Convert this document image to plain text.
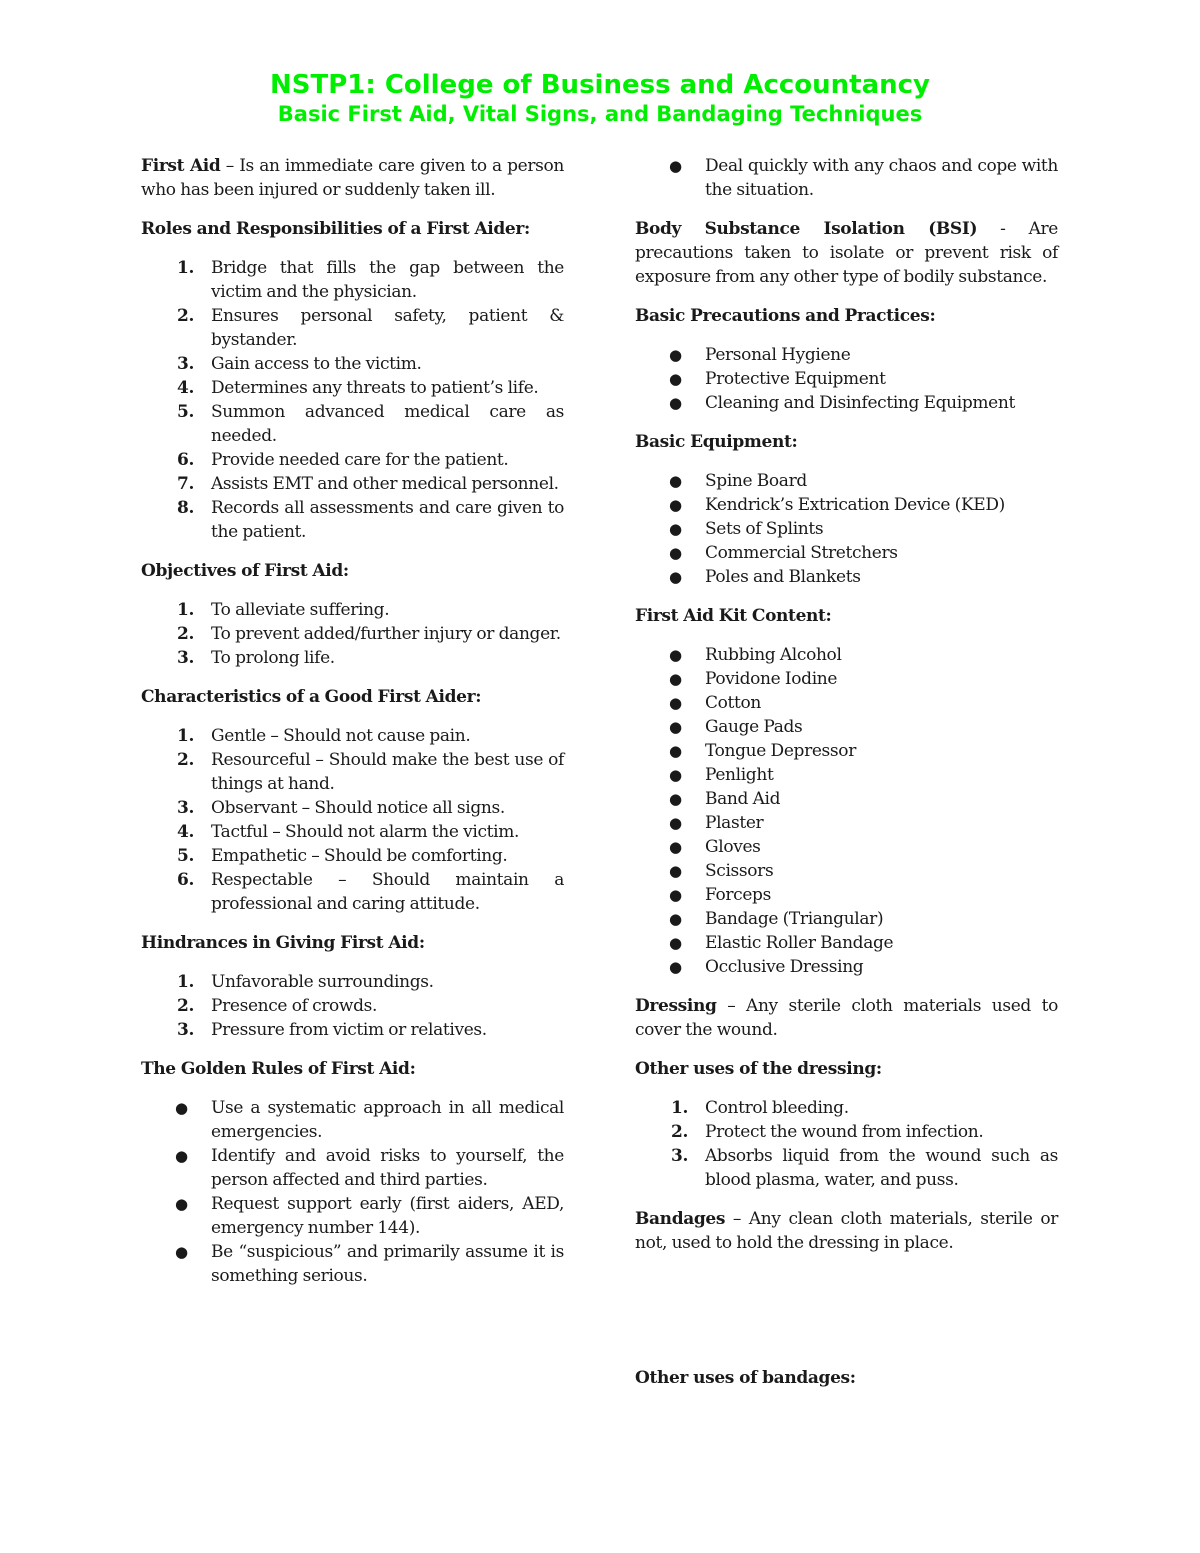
NSTP1: College of Business and Accountancy
Basic First Aid, Vital Signs, and Bandaging Techniques

First Aid – Is an immediate care given to a person who has been injured or suddenly taken ill.

Roles and Responsibilities of a First Aider:
1. Bridge that fills the gap between the victim and the physician.
2. Ensures personal safety, patient & bystander.
3. Gain access to the victim.
4. Determines any threats to patient’s life.
5. Summon advanced medical care as needed.
6. Provide needed care for the patient.
7. Assists EMT and other medical personnel.
8. Records all assessments and care given to the patient.
Objectives of First Aid:
1. To alleviate suffering.
2. To prevent added/further injury or danger.
3. To prolong life.
Characteristics of a Good First Aider:
1. Gentle – Should not cause pain.
2. Resourceful – Should make the best use of things at hand.
3. Observant – Should notice all signs.
4. Tactful – Should not alarm the victim.
5. Empathetic – Should be comforting.
6. Respectable – Should maintain a professional and caring attitude.
Hindrances in Giving First Aid:
1. Unfavorable surroundings.
2. Presence of crowds.
3. Pressure from victim or relatives.
The Golden Rules of First Aid:
● Use a systematic approach in all medical emergencies.
● Identify and avoid risks to yourself, the person affected and third parties.
● Request support early (first aiders, AED, emergency number 144).
● Be “suspicious” and primarily assume it is something serious.
● Deal quickly with any chaos and cope with the situation.

Body Substance Isolation (BSI) - Are precautions taken to isolate or prevent risk of exposure from any other type of bodily substance.

Basic Precautions and Practices:
● Personal Hygiene
● Protective Equipment
● Cleaning and Disinfecting Equipment
Basic Equipment:
● Spine Board
● Kendrick’s Extrication Device (KED)
● Sets of Splints
● Commercial Stretchers
● Poles and Blankets
First Aid Kit Content:
● Rubbing Alcohol
● Povidone Iodine
● Cotton
● Gauge Pads
● Tongue Depressor
● Penlight
● Band Aid
● Plaster
● Gloves
● Scissors
● Forceps
● Bandage (Triangular)
● Elastic Roller Bandage
● Occlusive Dressing

Dressing – Any sterile cloth materials used to cover the wound.

Other uses of the dressing:
1. Control bleeding.
2. Protect the wound from infection.
3. Absorbs liquid from the wound such as blood plasma, water, and puss.

Bandages – Any clean cloth materials, sterile or not, used to hold the dressing in place.

Other uses of bandages:
